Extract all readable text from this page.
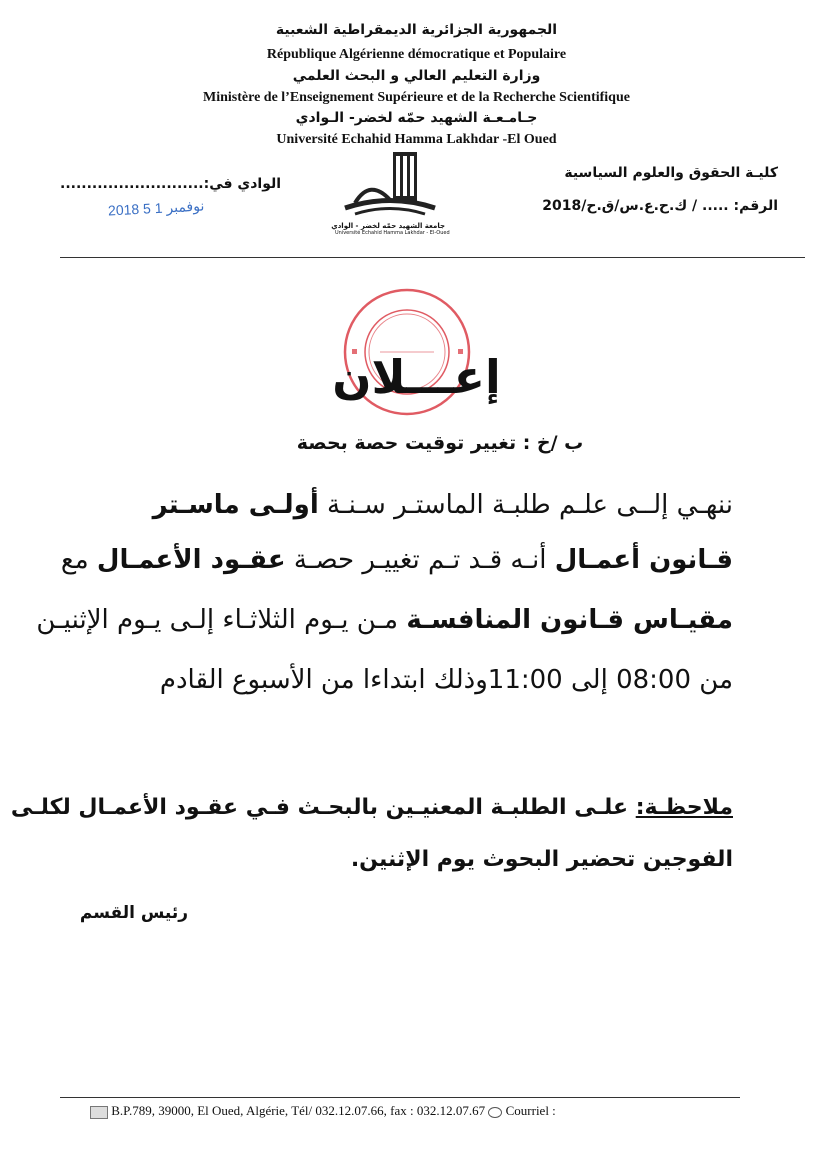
الجمهورية الجزائرية الديمقراطية الشعبية
République Algérienne démocratique et Populaire
وزارة التعليم العالي و البحث العلمي
Ministère de l’Enseignement Supérieure et de la Recherche Scientifique
جـامـعـة الشهيد حمّه لخضر- الـوادي
Université Echahid Hamma Lakhdar -El Oued
كليـة الحقوق والعلوم السياسية
الرقم: ..... / ك.ح.ع.س/ق.ح/2018
الوادي في:...........................
جامعة الشهيد حمّه لخضر - الوادي
Université Echahid Hamma Lakhdar - El-Oued
2018 نوفمبر 1 5
إعـــلان
ب /خ : تغيير توقيت حصة بحصة
ننهـي إلــى علـم طلبـة الماستـر سـنـة أولـى ماسـتر
قـانون أعمـال أنـه قـد تـم تغييـر حصـة عقـود الأعمـال مع
مقيـاس قـانون المنافسـة مـن يـوم الثلاثـاء إلـى يـوم الإثنيـن
من 08:00 إلى 11:00وذلك ابتداءا من الأسبوع القادم
ملاحظـة: علـى الطلبـة المعنيـين بالبحـث فـي عقـود الأعمـال لكلـى
الفوجين تحضير البحوث يوم الإثنين.
رئيس القسم
B.P.789, 39000, El Oued, Algérie, Tél/ 032.12.07.66, fax : 032.12.07.67 Courriel :
